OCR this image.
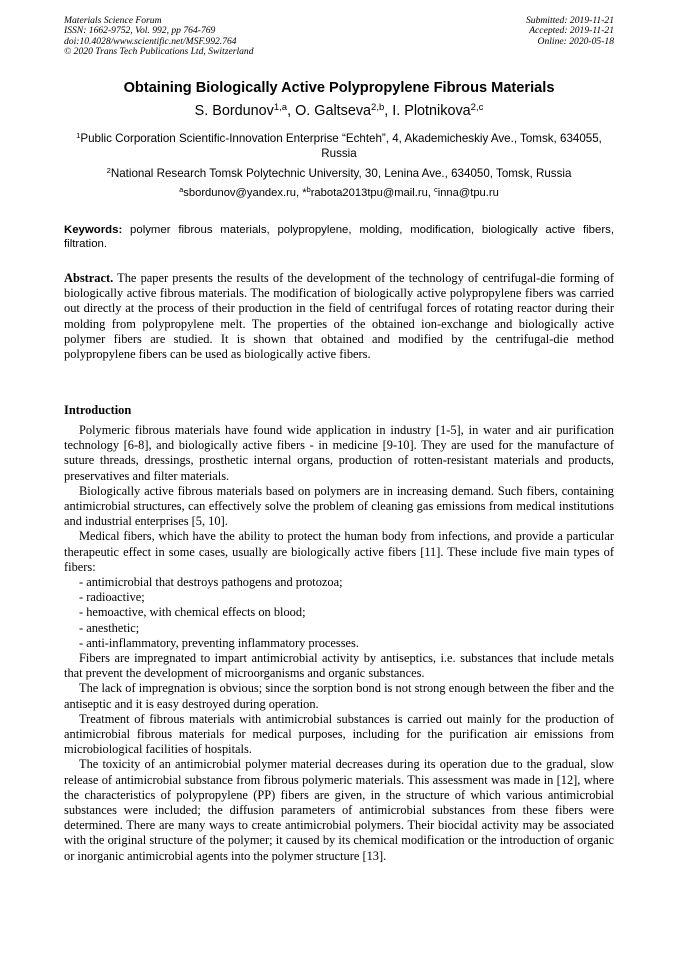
Materials Science Forum
ISSN: 1662-9752, Vol. 992, pp 764-769
doi:10.4028/www.scientific.net/MSF.992.764
© 2020 Trans Tech Publications Ltd, Switzerland
Submitted: 2019-11-21
Accepted: 2019-11-21
Online: 2020-05-18
Obtaining Biologically Active Polypropylene Fibrous Materials
S. Bordunov$^{1,a}$, O. Galtseva$^{2,b}$, I. Plotnikova$^{2,c}$
$^1$Public Corporation Scientific-Innovation Enterprise “Echteh”, 4, Akademicheskiy Ave., Tomsk, 634055, Russia
$^2$National Research Tomsk Polytechnic University, 30, Lenina Ave., 634050, Tomsk, Russia
$^a$sbordunov@yandex.ru, *$^b$rabota2013tpu@mail.ru, $^c$inna@tpu.ru
Keywords: polymer fibrous materials, polypropylene, molding, modification, biologically active fibers, filtration.
Abstract. The paper presents the results of the development of the technology of centrifugal-die forming of biologically active fibrous materials. The modification of biologically active polypropylene fibers was carried out directly at the process of their production in the field of centrifugal forces of rotating reactor during their molding from polypropylene melt. The properties of the obtained ion-exchange and biologically active polymer fibers are studied. It is shown that obtained and modified by the centrifugal-die method polypropylene fibers can be used as biologically active fibers.
Introduction

Polymeric fibrous materials have found wide application in industry [1-5], in water and air purification technology [6-8], and biologically active fibers - in medicine [9-10]. They are used for the manufacture of suture threads, dressings, prosthetic internal organs, production of rotten-resistant materials and products, preservatives and filter materials.

Biologically active fibrous materials based on polymers are in increasing demand. Such fibers, containing antimicrobial structures, can effectively solve the problem of cleaning gas emissions from medical institutions and industrial enterprises [5, 10].

Medical fibers, which have the ability to protect the human body from infections, and provide a particular therapeutic effect in some cases, usually are biologically active fibers [11]. These include five main types of fibers:

- antimicrobial that destroys pathogens and protozoa;
- radioactive;
- hemoactive, with chemical effects on blood;
- anesthetic;
- anti-inflammatory, preventing inflammatory processes.

Fibers are impregnated to impart antimicrobial activity by antiseptics, i.e. substances that include metals that prevent the development of microorganisms and organic substances.

The lack of impregnation is obvious; since the sorption bond is not strong enough between the fiber and the antiseptic and it is easy destroyed during operation.

Treatment of fibrous materials with antimicrobial substances is carried out mainly for the production of antimicrobial fibrous materials for medical purposes, including for the purification air emissions from microbiological facilities of hospitals.

The toxicity of an antimicrobial polymer material decreases during its operation due to the gradual, slow release of antimicrobial substance from fibrous polymeric materials. This assessment was made in [12], where the characteristics of polypropylene (PP) fibers are given, in the structure of which various antimicrobial substances were included; the diffusion parameters of antimicrobial substances from these fibers were determined. There are many ways to create antimicrobial polymers. Their biocidal activity may be associated with the original structure of the polymer; it caused by its chemical modification or the introduction of organic or inorganic antimicrobial agents into the polymer structure [13].
